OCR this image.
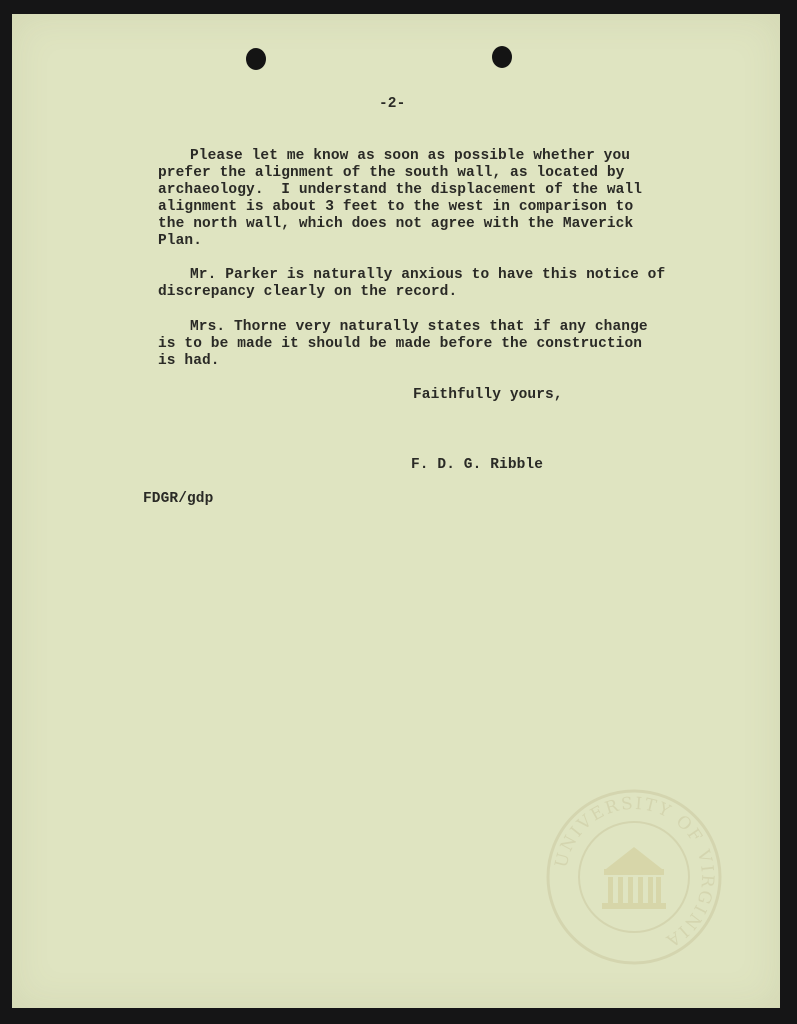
-2-

Please let me know as soon as possible whether you

prefer the alignment of the south wall, as located by

archaeology.  I understand the displacement of the wall

alignment is about 3 feet to the west in comparison to

the north wall, which does not agree with the Maverick

Plan.

Mr. Parker is naturally anxious to have this notice of

discrepancy clearly on the record.

Mrs. Thorne very naturally states that if any change

is to be made it should be made before the construction

is had.

Faithfully yours,

F. D. G. Ribble

FDGR/gdp

UNIVERSITY OF VIRGINIA
